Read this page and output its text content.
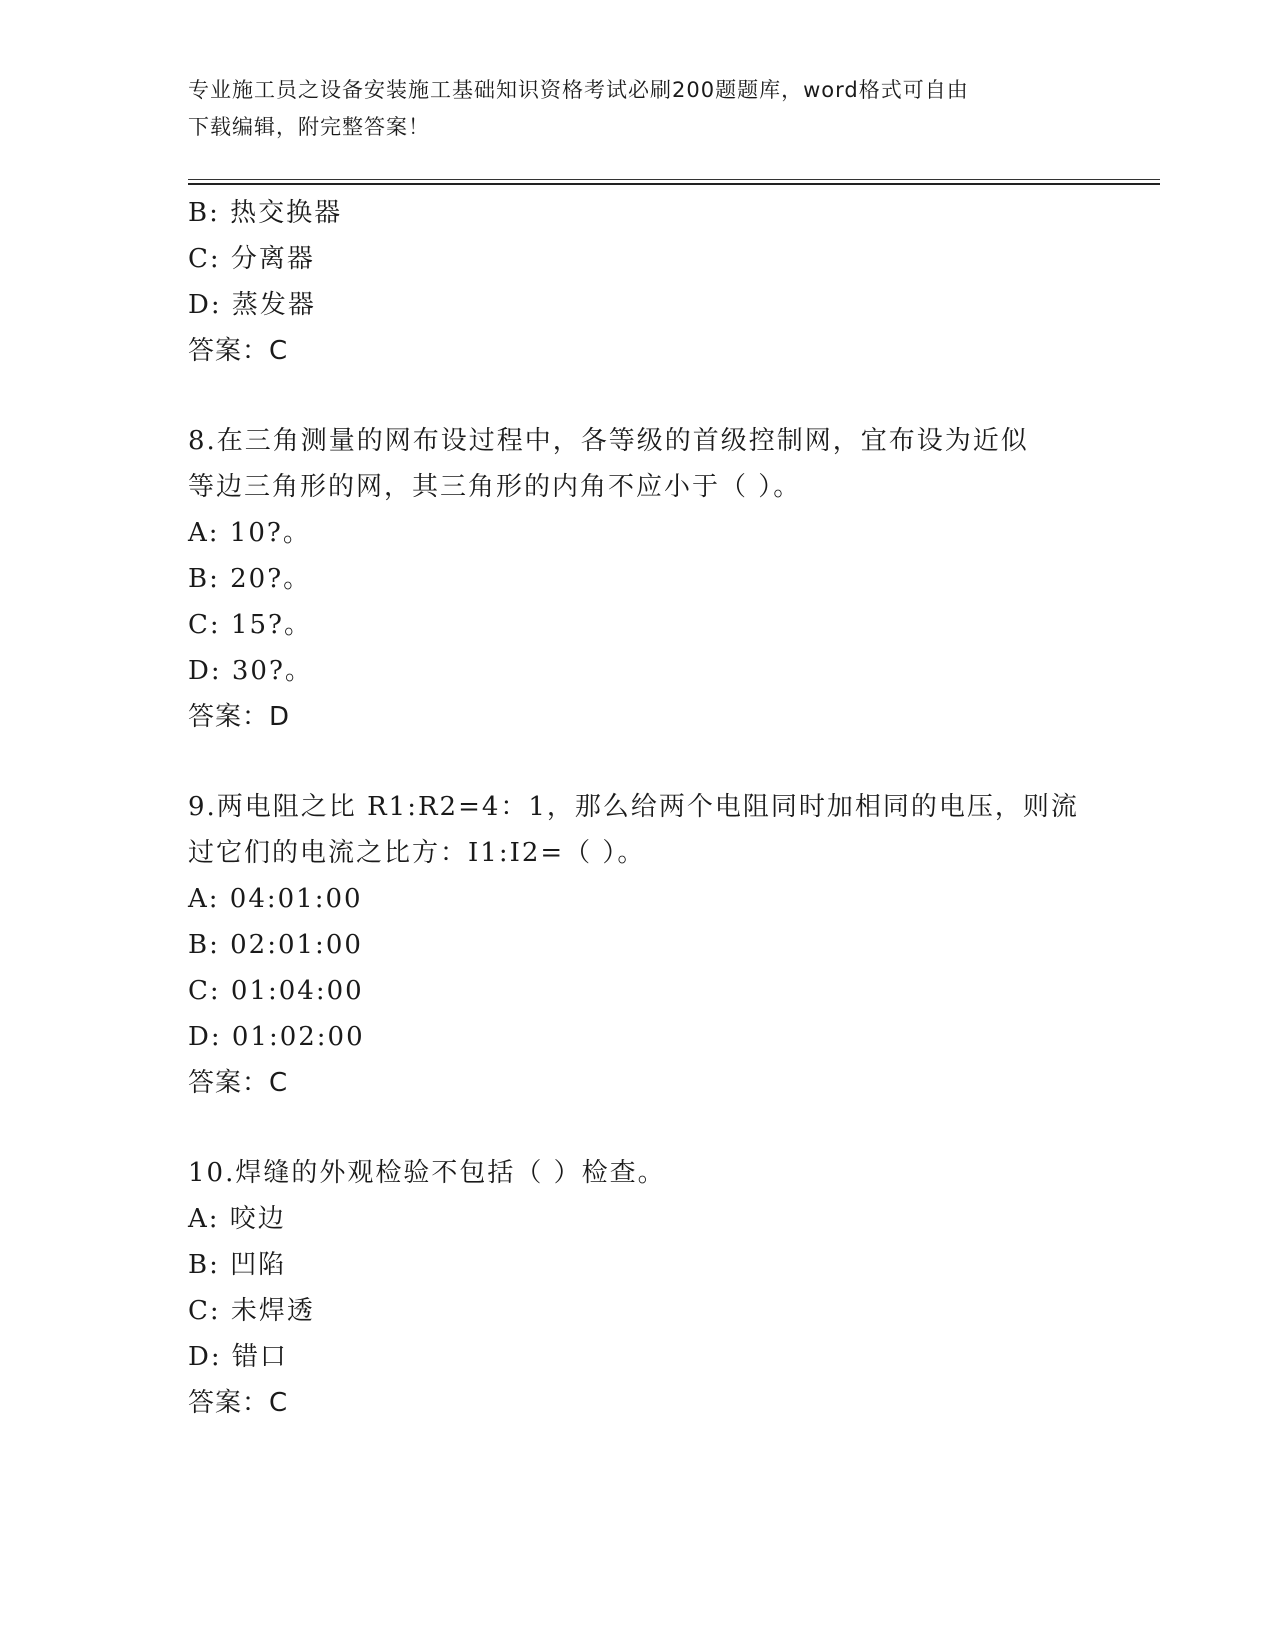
专业施工员之设备安装施工基础知识资格考试必刷200题题库，word格式可自由
下载编辑，附完整答案！
B: 热交换器
C: 分离器
D: 蒸发器
答案：C
8.在三角测量的网布设过程中，各等级的首级控制网，宜布设为近似
等边三角形的网，其三角形的内角不应小于（ ）。
A: 10?。
B: 20?。
C: 15?。
D: 30?。
答案：D
9.两电阻之比 R1:R2=4：1，那么给两个电阻同时加相同的电压，则流
过它们的电流之比方：I1:I2=（ ）。
A: 04:01:00
B: 02:01:00
C: 01:04:00
D: 01:02:00
答案：C
10.焊缝的外观检验不包括（ ）检查。
A: 咬边
B: 凹陷
C: 未焊透
D: 错口
答案：C
